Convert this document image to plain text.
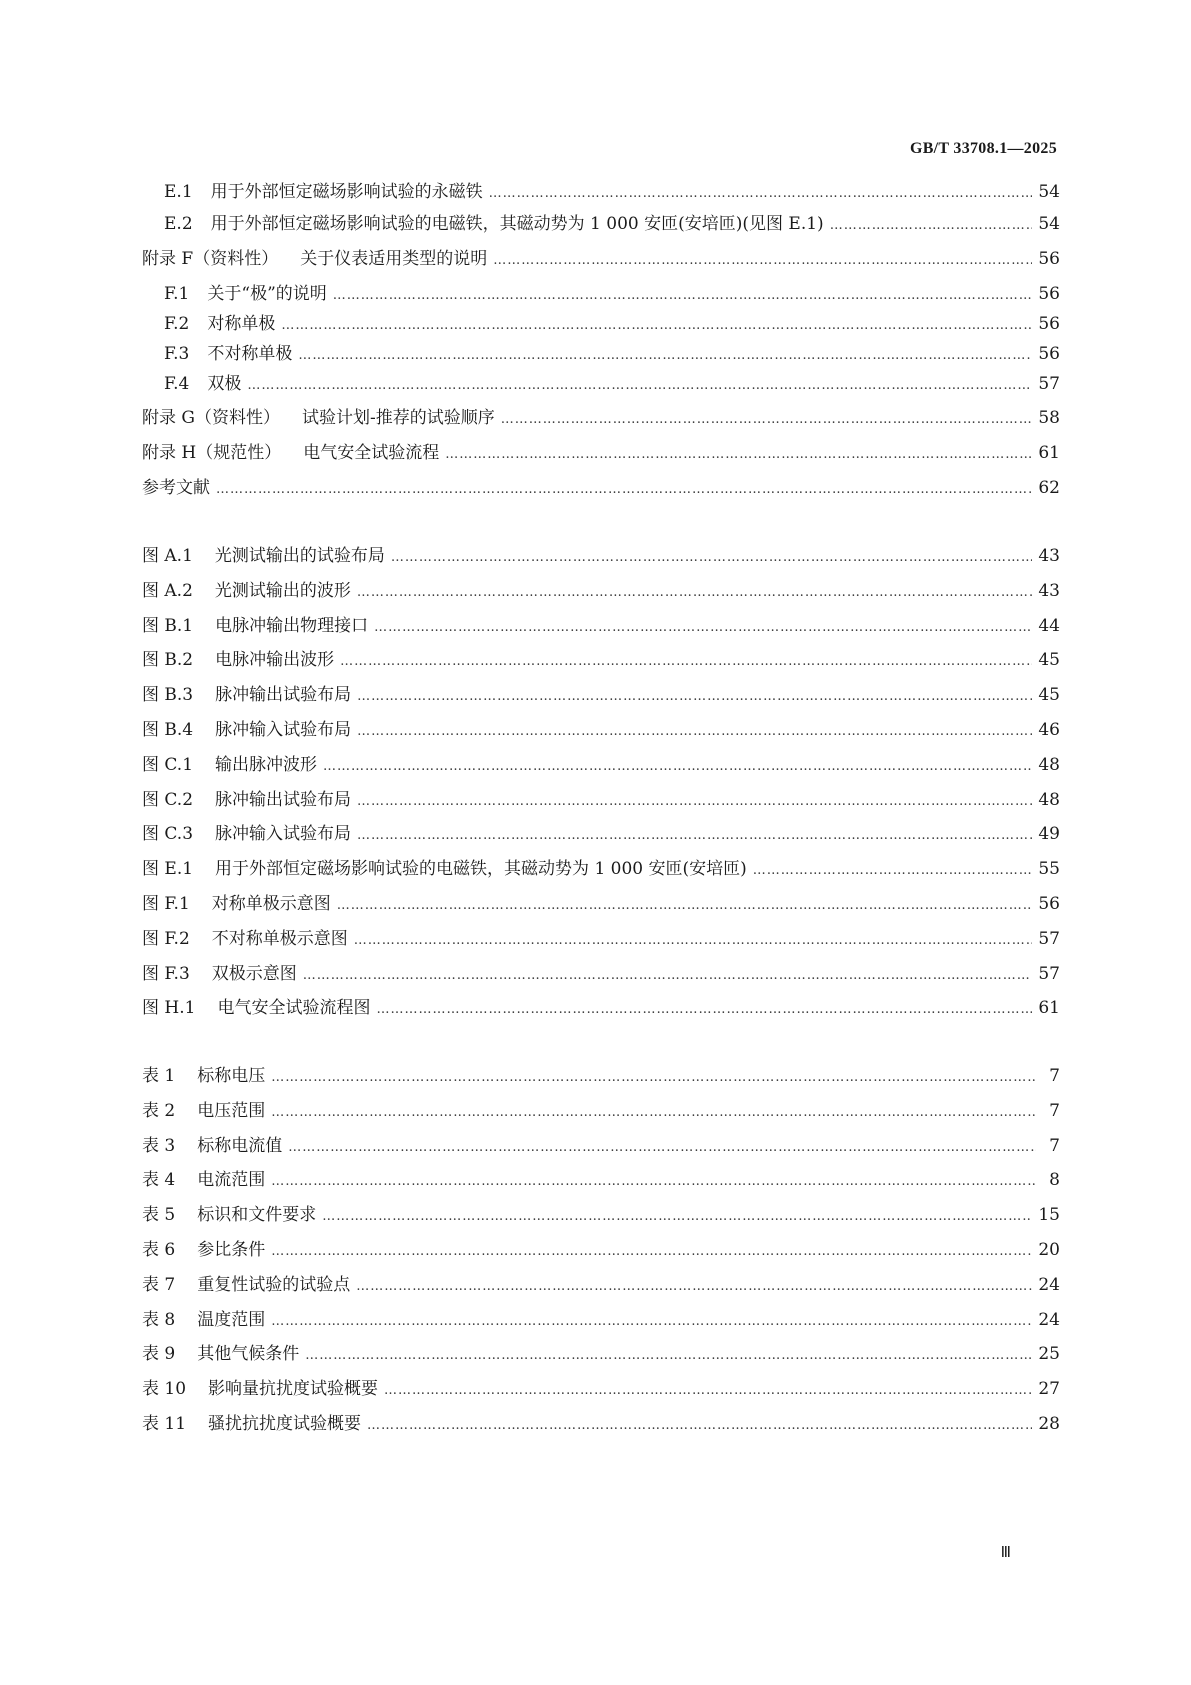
GB/T 33708.1—2025
E.1 用于外部恒定磁场影响试验的永磁铁 ………………………………………………………………………………………………………………………………………………………………………………………………………………………………………………	54
E.2 用于外部恒定磁场影响试验的电磁铁，其磁动势为 1 000 安匝(安培匝)(见图 E.1) ………………………………………………………………………………………………………………………………………………………………………………………………………………………………………………	54
附录 F（资料性） 关于仪表适用类型的说明 ………………………………………………………………………………………………………………………………………………………………………………………………………………………………………………	56
F.1 关于“极”的说明 ………………………………………………………………………………………………………………………………………………………………………………………………………………………………………………	56
F.2 对称单极 ………………………………………………………………………………………………………………………………………………………………………………………………………………………………………………	56
F.3 不对称单极 ………………………………………………………………………………………………………………………………………………………………………………………………………………………………………………	56
F.4 双极 ………………………………………………………………………………………………………………………………………………………………………………………………………………………………………………	57
附录 G（资料性） 试验计划-推荐的试验顺序 ………………………………………………………………………………………………………………………………………………………………………………………………………………………………………………	58
附录 H（规范性） 电气安全试验流程 ………………………………………………………………………………………………………………………………………………………………………………………………………………………………………………	61
参考文献 ………………………………………………………………………………………………………………………………………………………………………………………………………………………………………………	62
图 A.1 光测试输出的试验布局 ………………………………………………………………………………………………………………………………………………………………………………………………………………………………………………	43
图 A.2 光测试输出的波形 ………………………………………………………………………………………………………………………………………………………………………………………………………………………………………………	43
图 B.1 电脉冲输出物理接口 ………………………………………………………………………………………………………………………………………………………………………………………………………………………………………………	44
图 B.2 电脉冲输出波形 ………………………………………………………………………………………………………………………………………………………………………………………………………………………………………………	45
图 B.3 脉冲输出试验布局 ………………………………………………………………………………………………………………………………………………………………………………………………………………………………………………	45
图 B.4 脉冲输入试验布局 ………………………………………………………………………………………………………………………………………………………………………………………………………………………………………………	46
图 C.1 输出脉冲波形 ………………………………………………………………………………………………………………………………………………………………………………………………………………………………………………	48
图 C.2 脉冲输出试验布局 ………………………………………………………………………………………………………………………………………………………………………………………………………………………………………………	48
图 C.3 脉冲输入试验布局 ………………………………………………………………………………………………………………………………………………………………………………………………………………………………………………	49
图 E.1 用于外部恒定磁场影响试验的电磁铁，其磁动势为 1 000 安匝(安培匝) ………………………………………………………………………………………………………………………………………………………………………………………………………………………………………………	55
图 F.1 对称单极示意图 ………………………………………………………………………………………………………………………………………………………………………………………………………………………………………………	56
图 F.2 不对称单极示意图 ………………………………………………………………………………………………………………………………………………………………………………………………………………………………………………	57
图 F.3 双极示意图 ………………………………………………………………………………………………………………………………………………………………………………………………………………………………………………	57
图 H.1 电气安全试验流程图 ………………………………………………………………………………………………………………………………………………………………………………………………………………………………………………	61
表 1 标称电压 ………………………………………………………………………………………………………………………………………………………………………………………………………………………………………………	7
表 2 电压范围 ………………………………………………………………………………………………………………………………………………………………………………………………………………………………………………	7
表 3 标称电流值 ………………………………………………………………………………………………………………………………………………………………………………………………………………………………………………	7
表 4 电流范围 ………………………………………………………………………………………………………………………………………………………………………………………………………………………………………………	8
表 5 标识和文件要求 ………………………………………………………………………………………………………………………………………………………………………………………………………………………………………………	15
表 6 参比条件 ………………………………………………………………………………………………………………………………………………………………………………………………………………………………………………	20
表 7 重复性试验的试验点 ………………………………………………………………………………………………………………………………………………………………………………………………………………………………………………	24
表 8 温度范围 ………………………………………………………………………………………………………………………………………………………………………………………………………………………………………………	24
表 9 其他气候条件 ………………………………………………………………………………………………………………………………………………………………………………………………………………………………………………	25
表 10 影响量抗扰度试验概要 ………………………………………………………………………………………………………………………………………………………………………………………………………………………………………………	27
表 11 骚扰抗扰度试验概要 ………………………………………………………………………………………………………………………………………………………………………………………………………………………………………………	28
Ⅲ
